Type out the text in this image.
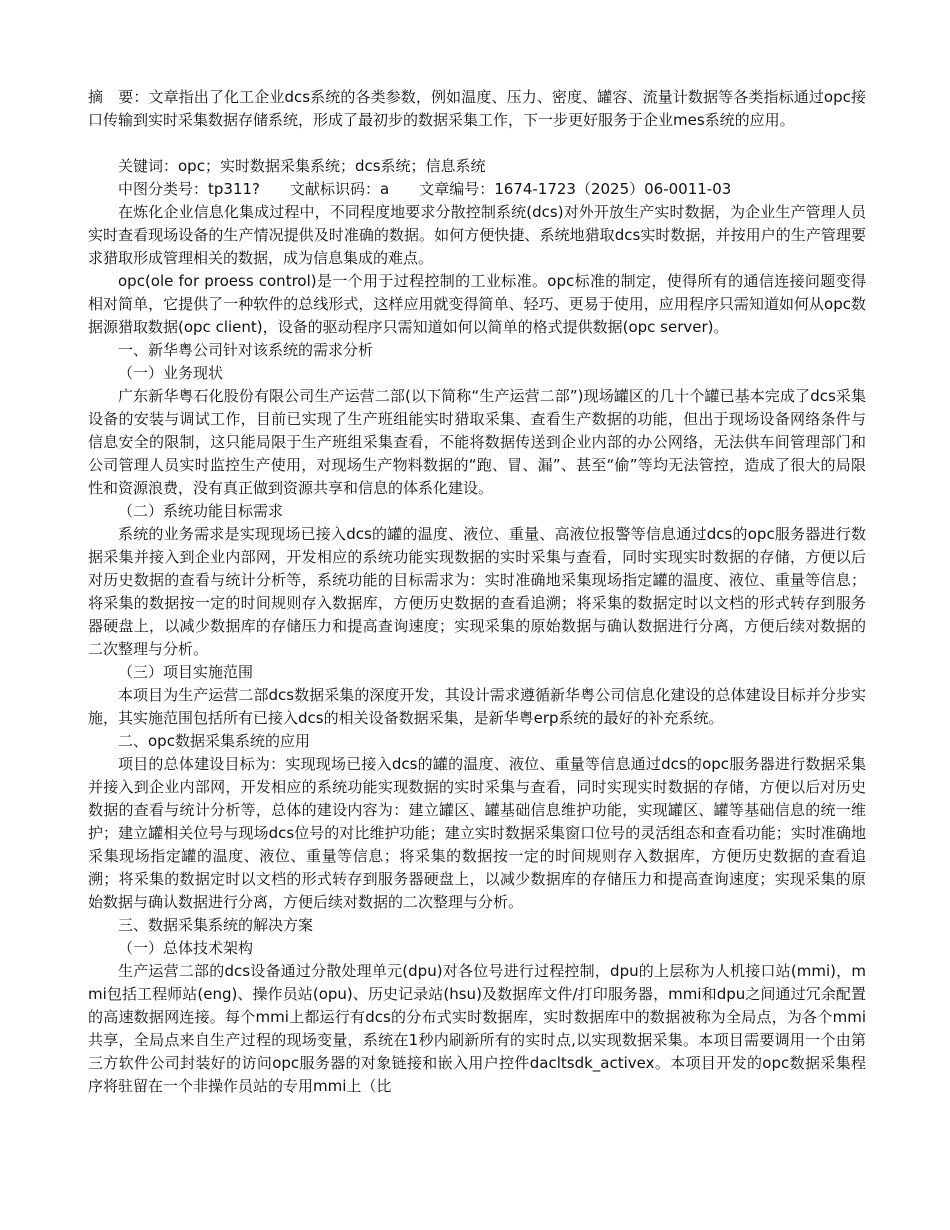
摘　要：文章指出了化工企业dcs系统的各类参数，例如温度、压力、密度、罐容、流量计数据等各类指标通过opc接口传输到实时采集数据存储系统，形成了最初步的数据采集工作，下一步更好服务于企业mes系统的应用。

关键词：opc；实时数据采集系统；dcs系统；信息系统

中图分类号：tp311?　　文献标识码：a　　文章编号：1674-1723（2025）06-0011-03

在炼化企业信息化集成过程中，不同程度地要求分散控制系统(dcs)对外开放生产实时数据，为企业生产管理人员实时查看现场设备的生产情况提供及时准确的数据。如何方便快捷、系统地猎取dcs实时数据，并按用户的生产管理要求猎取形成管理相关的数据，成为信息集成的难点。

opc(ole for proess control)是一个用于过程控制的工业标准。opc标准的制定，使得所有的通信连接问题变得相对简单，它提供了一种软件的总线形式，这样应用就变得简单、轻巧、更易于使用，应用程序只需知道如何从opc数据源猎取数据(opc client)，设备的驱动程序只需知道如何以简单的格式提供数据(opc server)。

一、新华粤公司针对该系统的需求分析

（一）业务现状

广东新华粤石化股份有限公司生产运营二部(以下简称“生产运营二部”)现场罐区的几十个罐已基本完成了dcs采集设备的安装与调试工作，目前已实现了生产班组能实时猎取采集、查看生产数据的功能，但出于现场设备网络条件与信息安全的限制，这只能局限于生产班组采集查看，不能将数据传送到企业内部的办公网络，无法供车间管理部门和公司管理人员实时监控生产使用，对现场生产物料数据的“跑、冒、漏”、甚至“偷”等均无法管控，造成了很大的局限性和资源浪费，没有真正做到资源共享和信息的体系化建设。

（二）系统功能目标需求

系统的业务需求是实现现场已接入dcs的罐的温度、液位、重量、高液位报警等信息通过dcs的opc服务器进行数据采集并接入到企业内部网，开发相应的系统功能实现数据的实时采集与查看，同时实现实时数据的存储，方便以后对历史数据的查看与统计分析等，系统功能的目标需求为：实时准确地采集现场指定罐的温度、液位、重量等信息；将采集的数据按一定的时间规则存入数据库，方便历史数据的查看追溯；将采集的数据定时以文档的形式转存到服务器硬盘上，以减少数据库的存储压力和提高查询速度；实现采集的原始数据与确认数据进行分离，方便后续对数据的二次整理与分析。

（三）项目实施范围

本项目为生产运营二部dcs数据采集的深度开发，其设计需求遵循新华粤公司信息化建设的总体建设目标并分步实施，其实施范围包括所有已接入dcs的相关设备数据采集，是新华粤erp系统的最好的补充系统。

二、opc数据采集系统的应用

项目的总体建设目标为：实现现场已接入dcs的罐的温度、液位、重量等信息通过dcs的opc服务器进行数据采集并接入到企业内部网，开发相应的系统功能实现数据的实时采集与查看，同时实现实时数据的存储，方便以后对历史数据的查看与统计分析等，总体的建设内容为：建立罐区、罐基础信息维护功能，实现罐区、罐等基础信息的统一维护；建立罐相关位号与现场dcs位号的对比维护功能；建立实时数据采集窗口位号的灵活组态和查看功能；实时准确地采集现场指定罐的温度、液位、重量等信息；将采集的数据按一定的时间规则存入数据库，方便历史数据的查看追溯；将采集的数据定时以文档的形式转存到服务器硬盘上，以减少数据库的存储压力和提高查询速度；实现采集的原始数据与确认数据进行分离，方便后续对数据的二次整理与分析。

三、数据采集系统的解决方案

（一）总体技术架构

生产运营二部的dcs设备通过分散处理单元(dpu)对各位号进行过程控制，dpu的上层称为人机接口站(mmi)，mmi包括工程师站(eng)、操作员站(opu)、历史记录站(hsu)及数据库文件/打印服务器，mmi和dpu之间通过冗余配置的高速数据网连接。每个mmi上都运行有dcs的分布式实时数据库，实时数据库中的数据被称为全局点，为各个mmi共享，全局点来自生产过程的现场变量，系统在1秒内刷新所有的实时点,以实现数据采集。本项目需要调用一个由第三方软件公司封装好的访问opc服务器的对象链接和嵌入用户控件dacltsdk_activex。本项目开发的opc数据采集程序将驻留在一个非操作员站的专用mmi上（比
